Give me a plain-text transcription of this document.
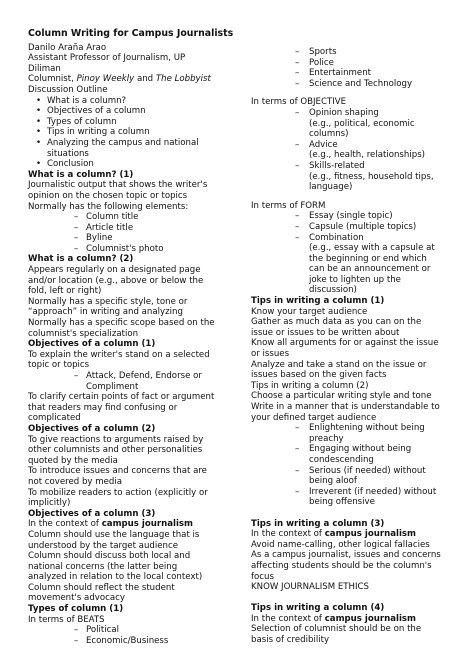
Column Writing for Campus Journalists
Danilo Araña Arao
Assistant Professor of Journalism, UP
Diliman
Columnist, Pinoy Weekly and The Lobbyist
Discussion Outline
• What is a column?
• Objectives of a column
• Types of column
• Tips in writing a column
• Analyzing the campus and national
situations
• Conclusion
What is a column? (1)
Journalistic output that shows the writer's
opinion on the chosen topic or topics
Normally has the following elements:
– Column title
– Article title
– Byline
– Columnist's photo
What is a column? (2)
Appears regularly on a designated page
and/or location (e.g., above or below the
fold, left or right)
Normally has a specific style, tone or
“approach” in writing and analyzing
Normally has a specific scope based on the
columnist's specialization
Objectives of a column (1)
To explain the writer's stand on a selected
topic or topics
– Attack, Defend, Endorse or
Compliment
To clarify certain points of fact or argument
that readers may find confusing or
complicated
Objectives of a column (2)
To give reactions to arguments raised by
other columnists and other personalities
quoted by the media
To introduce issues and concerns that are
not covered by media
To mobilize readers to action (explicitly or
implicitly)
Objectives of a column (3)
In the context of campus journalism
Column should use the language that is
understood by the target audience
Column should discuss both local and
national concerns (the latter being
analyzed in relation to the local context)
Column should reflect the student
movement's advocacy
Types of column (1)
In terms of BEATS
– Political
– Economic/Business
– Sports
– Police
– Entertainment
– Science and Technology
In terms of OBJECTIVE
– Opinion shaping
(e.g., political, economic
columns)
– Advice
(e.g., health, relationships)
– Skills-related
(e.g., fitness, household tips,
language)
In terms of FORM
– Essay (single topic)
– Capsule (multiple topics)
– Combination
(e.g., essay with a capsule at
the beginning or end which
can be an announcement or
joke to lighten up the
discussion)
Tips in writing a column (1)
Know your target audience
Gather as much data as you can on the
issue or issues to be written about
Know all arguments for or against the issue
or issues
Analyze and take a stand on the issue or
issues based on the given facts
Tips in writing a column (2)
Choose a particular writing style and tone
Write in a manner that is understandable to
your defined target audience
– Enlightening without being
preachy
– Engaging without being
condescending
– Serious (if needed) without
being aloof
– Irreverent (if needed) without
being offensive
Tips in writing a column (3)
In the context of campus journalism
Avoid name-calling, other logical fallacies
As a campus journalist, issues and concerns
affecting students should be the column's
focus
KNOW JOURNALISM ETHICS
Tips in writing a column (4)
In the context of campus journalism
Selection of columnist should be on the
basis of credibility
